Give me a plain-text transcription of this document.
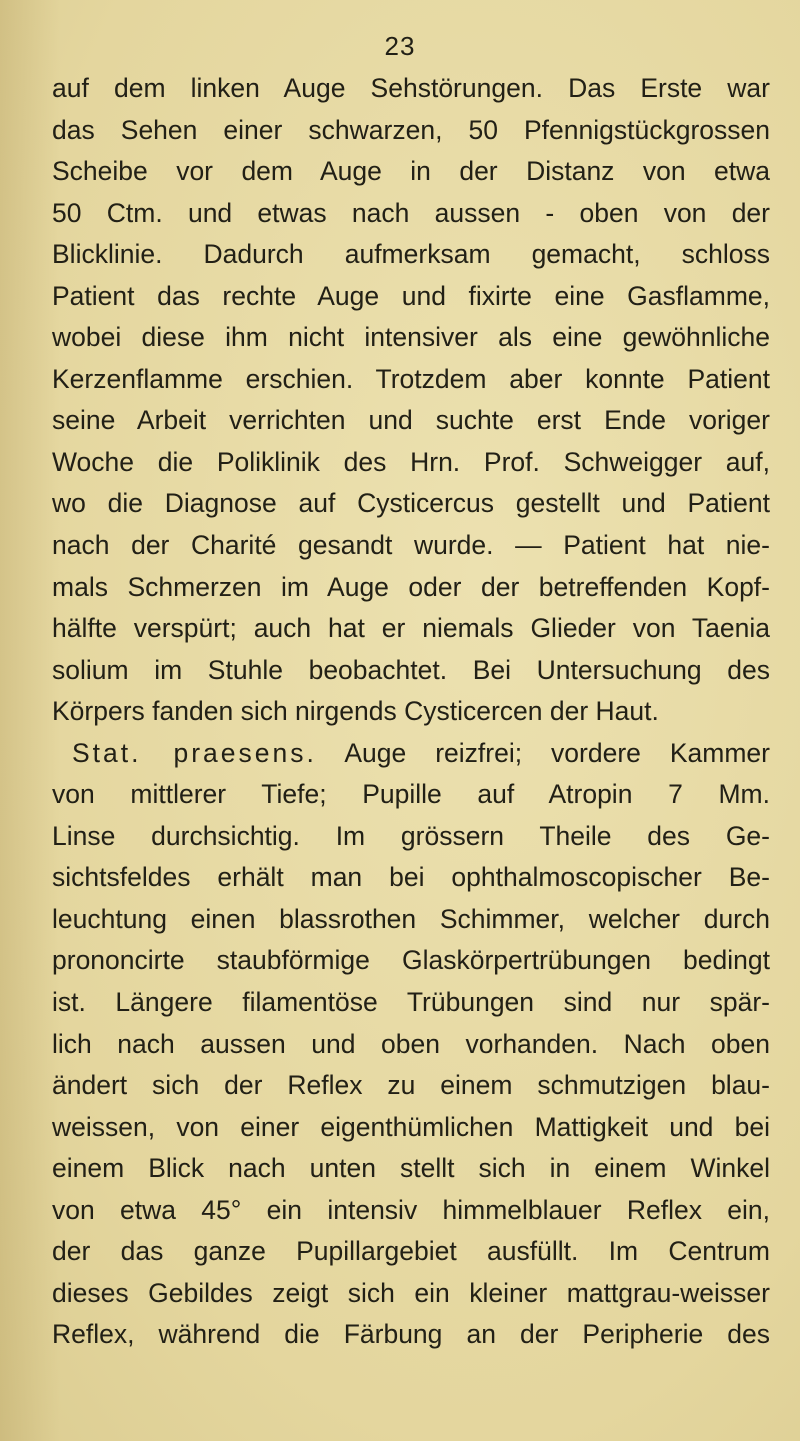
23
auf dem linken Auge Sehstörungen. Das Erste war
das Sehen einer schwarzen, 50 Pfennigstückgrossen
Scheibe vor dem Auge in der Distanz von etwa
50 Ctm. und etwas nach aussen - oben von der
Blicklinie. Dadurch aufmerksam gemacht, schloss
Patient das rechte Auge und fixirte eine Gasflamme,
wobei diese ihm nicht intensiver als eine gewöhnliche
Kerzenflamme erschien. Trotzdem aber konnte Patient
seine Arbeit verrichten und suchte erst Ende voriger
Woche die Poliklinik des Hrn. Prof. Schweigger auf,
wo die Diagnose auf Cysticercus gestellt und Patient
nach der Charité gesandt wurde. — Patient hat nie-
mals Schmerzen im Auge oder der betreffenden Kopf-
hälfte verspürt; auch hat er niemals Glieder von Taenia
solium im Stuhle beobachtet. Bei Untersuchung des
Körpers fanden sich nirgends Cysticercen der Haut.
Stat. praesens. Auge reizfrei; vordere Kammer
von mittlerer Tiefe; Pupille auf Atropin 7 Mm.
Linse durchsichtig. Im grössern Theile des Ge-
sichtsfeldes erhält man bei ophthalmoscopischer Be-
leuchtung einen blassrothen Schimmer, welcher durch
prononcirte staubförmige Glaskörpertrübungen bedingt
ist. Längere filamentöse Trübungen sind nur spär-
lich nach aussen und oben vorhanden. Nach oben
ändert sich der Reflex zu einem schmutzigen blau-
weissen, von einer eigenthümlichen Mattigkeit und bei
einem Blick nach unten stellt sich in einem Winkel
von etwa 45° ein intensiv himmelblauer Reflex ein,
der das ganze Pupillargebiet ausfüllt. Im Centrum
dieses Gebildes zeigt sich ein kleiner mattgrau-weisser
Reflex, während die Färbung an der Peripherie des
